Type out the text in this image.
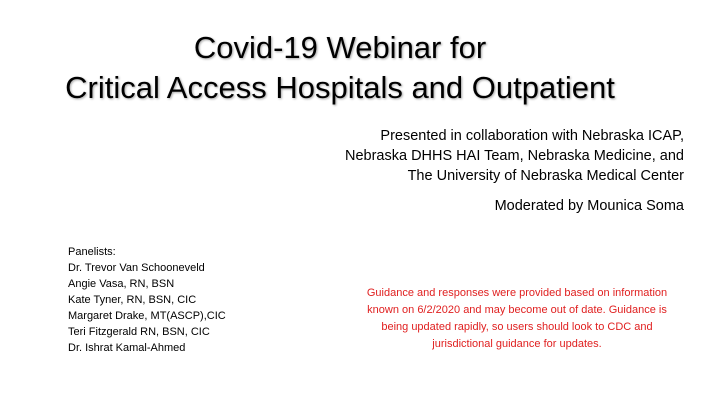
Covid-19 Webinar for
Critical Access Hospitals and Outpatient
Presented in collaboration with Nebraska ICAP,
Nebraska DHHS HAI Team, Nebraska Medicine, and
The University of Nebraska Medical Center
Moderated by Mounica Soma
Panelists:
Dr. Trevor Van Schooneveld
Angie Vasa, RN, BSN
Kate Tyner, RN, BSN, CIC
Margaret Drake, MT(ASCP),CIC
Teri Fitzgerald RN, BSN, CIC
Dr. Ishrat Kamal-Ahmed
Guidance and responses were provided based on information
known on 6/2/2020 and may become out of date. Guidance is
being updated rapidly, so users should look to CDC and
jurisdictional guidance for updates.
